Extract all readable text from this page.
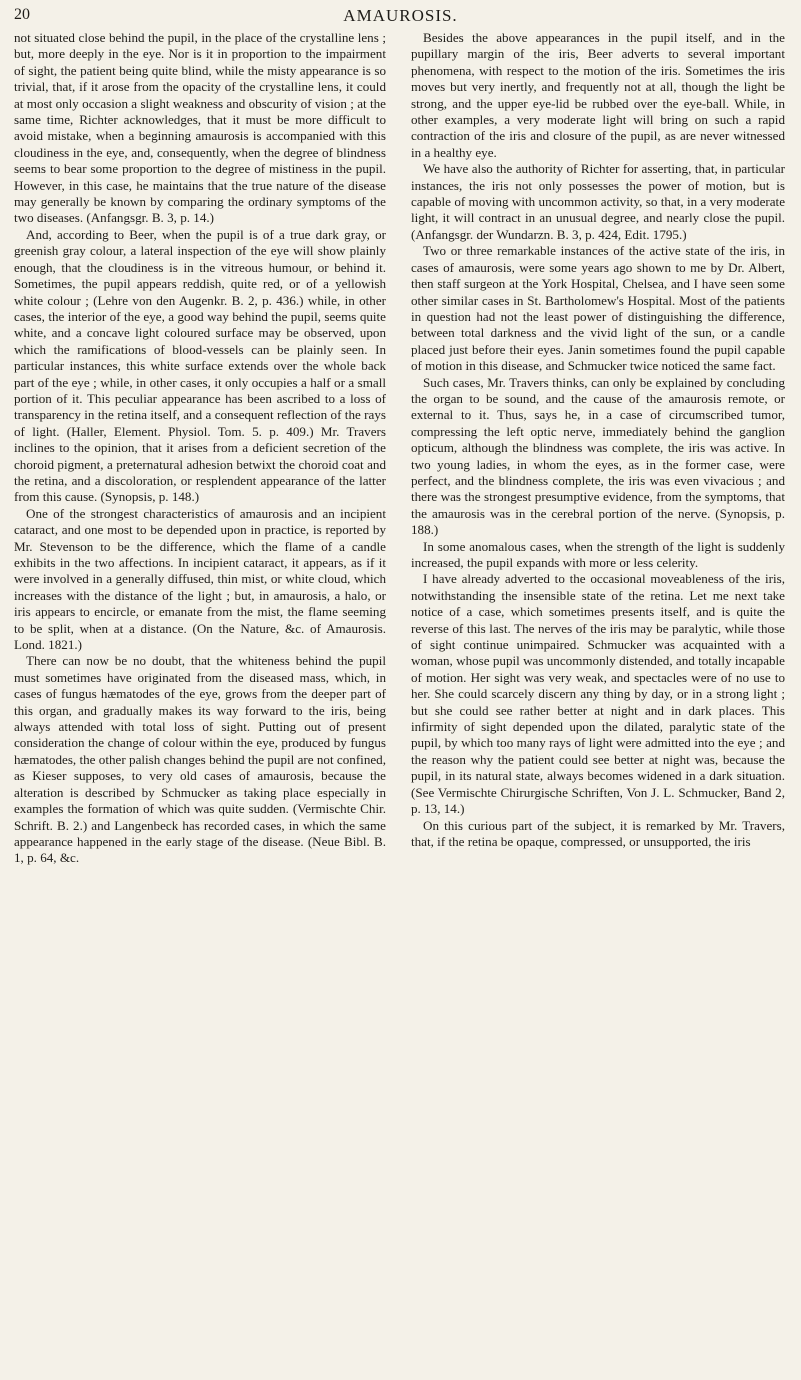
20	AMAUROSIS.

not situated close behind the pupil, in the place of the crystalline lens ; but, more deeply in the eye. Nor is it in proportion to the impairment of sight, the patient being quite blind, while the misty appearance is so trivial, that, if it arose from the opacity of the crystalline lens, it could at most only occasion a slight weakness and obscurity of vision ; at the same time, Richter acknowledges, that it must be more difficult to avoid mistake, when a beginning amaurosis is accompanied with this cloudiness in the eye, and, consequently, when the degree of blindness seems to bear some proportion to the degree of mistiness in the pupil. However, in this case, he maintains that the true nature of the disease may generally be known by comparing the ordinary symptoms of the two diseases. (Anfangsgr. B. 3, p. 14.)

And, according to Beer, when the pupil is of a true dark gray, or greenish gray colour, a lateral inspection of the eye will show plainly enough, that the cloudiness is in the vitreous humour, or behind it. Sometimes, the pupil appears reddish, quite red, or of a yellowish white colour ; (Lehre von den Augenkr. B. 2, p. 436.) while, in other cases, the interior of the eye, a good way behind the pupil, seems quite white, and a concave light coloured surface may be observed, upon which the ramifications of blood-vessels can be plainly seen. In particular instances, this white surface extends over the whole back part of the eye ; while, in other cases, it only occupies a half or a small portion of it. This peculiar appearance has been ascribed to a loss of transparency in the retina itself, and a consequent reflection of the rays of light. (Haller, Element. Physiol. Tom. 5. p. 409.) Mr. Travers inclines to the opinion, that it arises from a deficient secretion of the choroid pigment, a preternatural adhesion betwixt the choroid coat and the retina, and a discoloration, or resplendent appearance of the latter from this cause. (Synopsis, p. 148.)

One of the strongest characteristics of amaurosis and an incipient cataract, and one most to be depended upon in practice, is reported by Mr. Stevenson to be the difference, which the flame of a candle exhibits in the two affections. In incipient cataract, it appears, as if it were involved in a generally diffused, thin mist, or white cloud, which increases with the distance of the light ; but, in amaurosis, a halo, or iris appears to encircle, or emanate from the mist, the flame seeming to be split, when at a distance. (On the Nature, &c. of Amaurosis. Lond. 1821.)

There can now be no doubt, that the whiteness behind the pupil must sometimes have originated from the diseased mass, which, in cases of fungus hæmatodes of the eye, grows from the deeper part of this organ, and gradually makes its way forward to the iris, being always attended with total loss of sight. Putting out of present consideration the change of colour within the eye, produced by fungus hæmatodes, the other palish changes behind the pupil are not confined, as Kieser supposes, to very old cases of amaurosis, because the alteration is described by Schmucker as taking place especially in examples the formation of which was quite sudden. (Vermischte Chir. Schrift. B. 2.) and Langenbeck has recorded cases, in which the same appearance happened in the early stage of the disease. (Neue Bibl. B. 1, p. 64, &c.

Besides the above appearances in the pupil itself, and in the pupillary margin of the iris, Beer adverts to several important phenomena, with respect to the motion of the iris. Sometimes the iris moves but very inertly, and frequently not at all, though the light be strong, and the upper eye-lid be rubbed over the eye-ball. While, in other examples, a very moderate light will bring on such a rapid contraction of the iris and closure of the pupil, as are never witnessed in a healthy eye.

We have also the authority of Richter for asserting, that, in particular instances, the iris not only possesses the power of motion, but is capable of moving with uncommon activity, so that, in a very moderate light, it will contract in an unusual degree, and nearly close the pupil. (Anfangsgr. der Wundarzn. B. 3, p. 424, Edit. 1795.)

Two or three remarkable instances of the active state of the iris, in cases of amaurosis, were some years ago shown to me by Dr. Albert, then staff surgeon at the York Hospital, Chelsea, and I have seen some other similar cases in St. Bartholomew's Hospital. Most of the patients in question had not the least power of distinguishing the difference, between total darkness and the vivid light of the sun, or a candle placed just before their eyes. Janin sometimes found the pupil capable of motion in this disease, and Schmucker twice noticed the same fact.

Such cases, Mr. Travers thinks, can only be explained by concluding the organ to be sound, and the cause of the amaurosis remote, or external to it. Thus, says he, in a case of circumscribed tumor, compressing the left optic nerve, immediately behind the ganglion opticum, although the blindness was complete, the iris was active. In two young ladies, in whom the eyes, as in the former case, were perfect, and the blindness complete, the iris was even vivacious ; and there was the strongest presumptive evidence, from the symptoms, that the amaurosis was in the cerebral portion of the nerve. (Synopsis, p. 188.)

In some anomalous cases, when the strength of the light is suddenly increased, the pupil expands with more or less celerity.

I have already adverted to the occasional moveableness of the iris, notwithstanding the insensible state of the retina. Let me next take notice of a case, which sometimes presents itself, and is quite the reverse of this last. The nerves of the iris may be paralytic, while those of sight continue unimpaired. Schmucker was acquainted with a woman, whose pupil was uncommonly distended, and totally incapable of motion. Her sight was very weak, and spectacles were of no use to her. She could scarcely discern any thing by day, or in a strong light ; but she could see rather better at night and in dark places. This infirmity of sight depended upon the dilated, paralytic state of the pupil, by which too many rays of light were admitted into the eye ; and the reason why the patient could see better at night was, because the pupil, in its natural state, always becomes widened in a dark situation. (See Vermischte Chirurgische Schriften, Von J. L. Schmucker, Band 2, p. 13, 14.)

On this curious part of the subject, it is remarked by Mr. Travers, that, if the retina be opaque, compressed, or unsupported, the iris
